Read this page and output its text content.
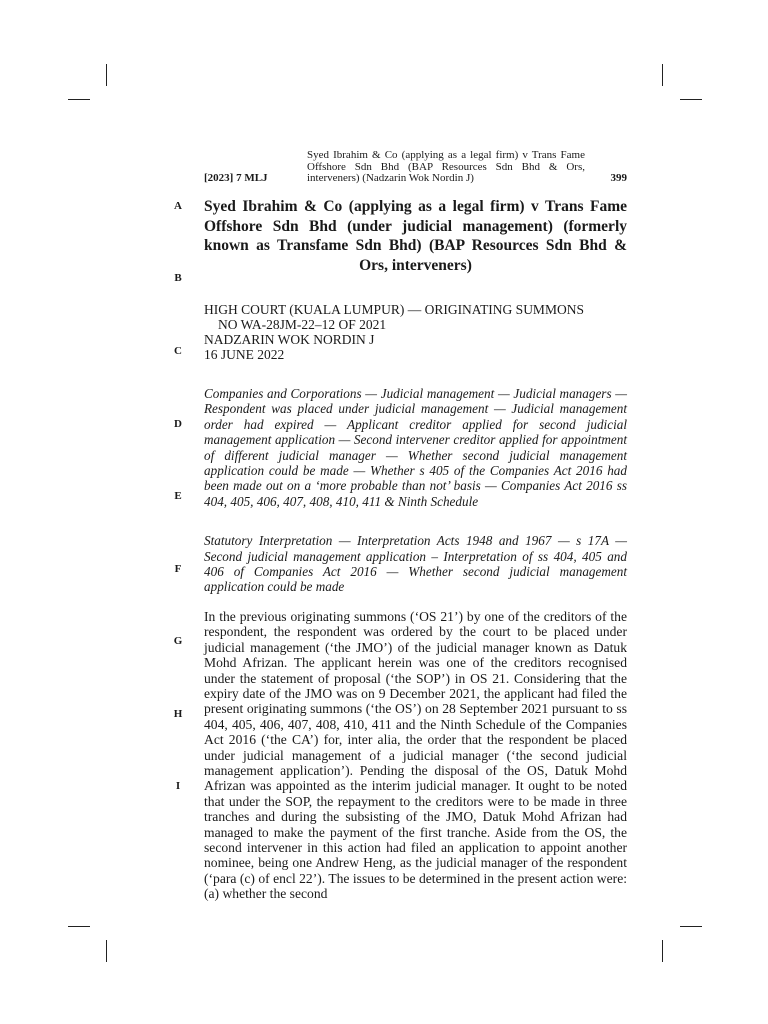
[2023] 7 MLJ
Syed Ibrahim & Co (applying as a legal firm) v Trans Fame Offshore Sdn Bhd (BAP Resources Sdn Bhd & Ors, interveners) (Nadzarin Wok Nordin J)	399
A
B
C
D
E
F
G
H
I

Syed Ibrahim & Co (applying as a legal firm) v Trans Fame Offshore Sdn Bhd (under judicial management) (formerly known as Transfame Sdn Bhd) (BAP Resources Sdn Bhd & Ors, interveners)

HIGH COURT (KUALA LUMPUR) — ORIGINATING SUMMONS
NO WA-28JM-22–12 OF 2021
NADZARIN WOK NORDIN J
16 JUNE 2022

Companies and Corporations — Judicial management — Judicial managers — Respondent was placed under judicial management — Judicial management order had expired — Applicant creditor applied for second judicial management application — Second intervener creditor applied for appointment of different judicial manager — Whether second judicial management application could be made — Whether s 405 of the Companies Act 2016 had been made out on a ‘more probable than not’ basis — Companies Act 2016 ss 404, 405, 406, 407, 408, 410, 411 & Ninth Schedule

Statutory Interpretation — Interpretation Acts 1948 and 1967 — s 17A — Second judicial management application – Interpretation of ss 404, 405 and 406 of Companies Act 2016 — Whether second judicial management application could be made

In the previous originating summons (‘OS 21’) by one of the creditors of the respondent, the respondent was ordered by the court to be placed under judicial management (‘the JMO’) of the judicial manager known as Datuk Mohd Afrizan. The applicant herein was one of the creditors recognised under the statement of proposal (‘the SOP’) in OS 21. Considering that the expiry date of the JMO was on 9 December 2021, the applicant had filed the present originating summons (‘the OS’) on 28 September 2021 pursuant to ss 404, 405, 406, 407, 408, 410, 411 and the Ninth Schedule of the Companies Act 2016 (‘the CA’) for, inter alia, the order that the respondent be placed under judicial management of a judicial manager (‘the second judicial management application’). Pending the disposal of the OS, Datuk Mohd Afrizan was appointed as the interim judicial manager. It ought to be noted that under the SOP, the repayment to the creditors were to be made in three tranches and during the subsisting of the JMO, Datuk Mohd Afrizan had managed to make the payment of the first tranche. Aside from the OS, the second intervener in this action had filed an application to appoint another nominee, being one Andrew Heng, as the judicial manager of the respondent (‘para (c) of encl 22’). The issues to be determined in the present action were: (a) whether the second
